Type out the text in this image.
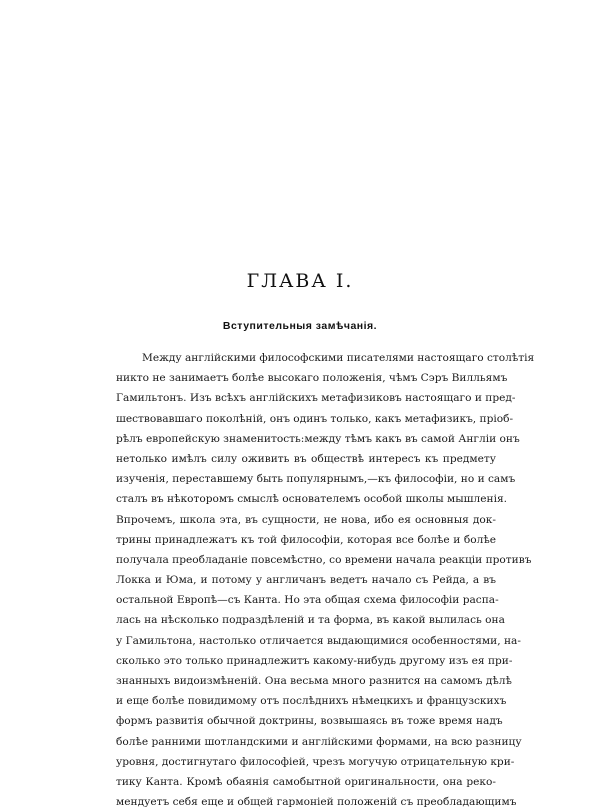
ГЛАВА I.
Вступительныя замѣчанія.
Между англійскими философскими писателями настоящаго столѣтія
никто не занимаетъ болѣе высокаго положенія, чѣмъ Сэръ Вилльямъ
Гамильтонъ. Изъ всѣхъ англійскихъ метафизиковъ настоящаго и пред-
шествовавшаго поколѣній, онъ одинъ только, какъ метафизикъ, пріоб-
рѣлъ европейскую знаменитость:между тѣмъ какъ въ самой Англіи онъ
нетолько имѣлъ силу оживить въ обществѣ интересъ къ предмету
изученія, переставшему быть популярнымъ,—къ философіи, но и самъ
сталъ въ нѣкоторомъ смыслѣ основателемъ особой школы мышленія.
Впрочемъ, школа эта, въ сущности, не нова, ибо ея основныя док-
трины принадлежатъ къ той философіи, которая все болѣе и болѣе
получала преобладаніе повсемѣстно, со времени начала реакціи противъ
Локка и Юма, и потому у англичанъ ведетъ начало съ Рейда, а въ
остальной Европѣ—съ Канта. Но эта общая схема философіи распа-
лась на нѣсколько подраздѣленій и та форма, въ какой вылилась она
у Гамильтона, настолько отличается выдающимися особенностями, на-
сколько это только принадлежитъ какому-нибудь другому изъ ея при-
знанныхъ видоизмѣненій. Она весьма много разнится на самомъ дѣлѣ
и еще болѣе повидимому отъ послѣднихъ нѣмецкихъ и французскихъ
формъ развитія обычной доктрины, возвышаясь въ тоже время надъ
болѣе ранними шотландскими и англійскими формами, на всю разницу
уровня, достигнутаго философіей, чрезъ могучую отрицательную кри-
тику Канта. Кромѣ обаянія самобытной оригинальности, она реко-
мендуетъ себя еще и общей гармоніей положеній съ преобладающимъ
